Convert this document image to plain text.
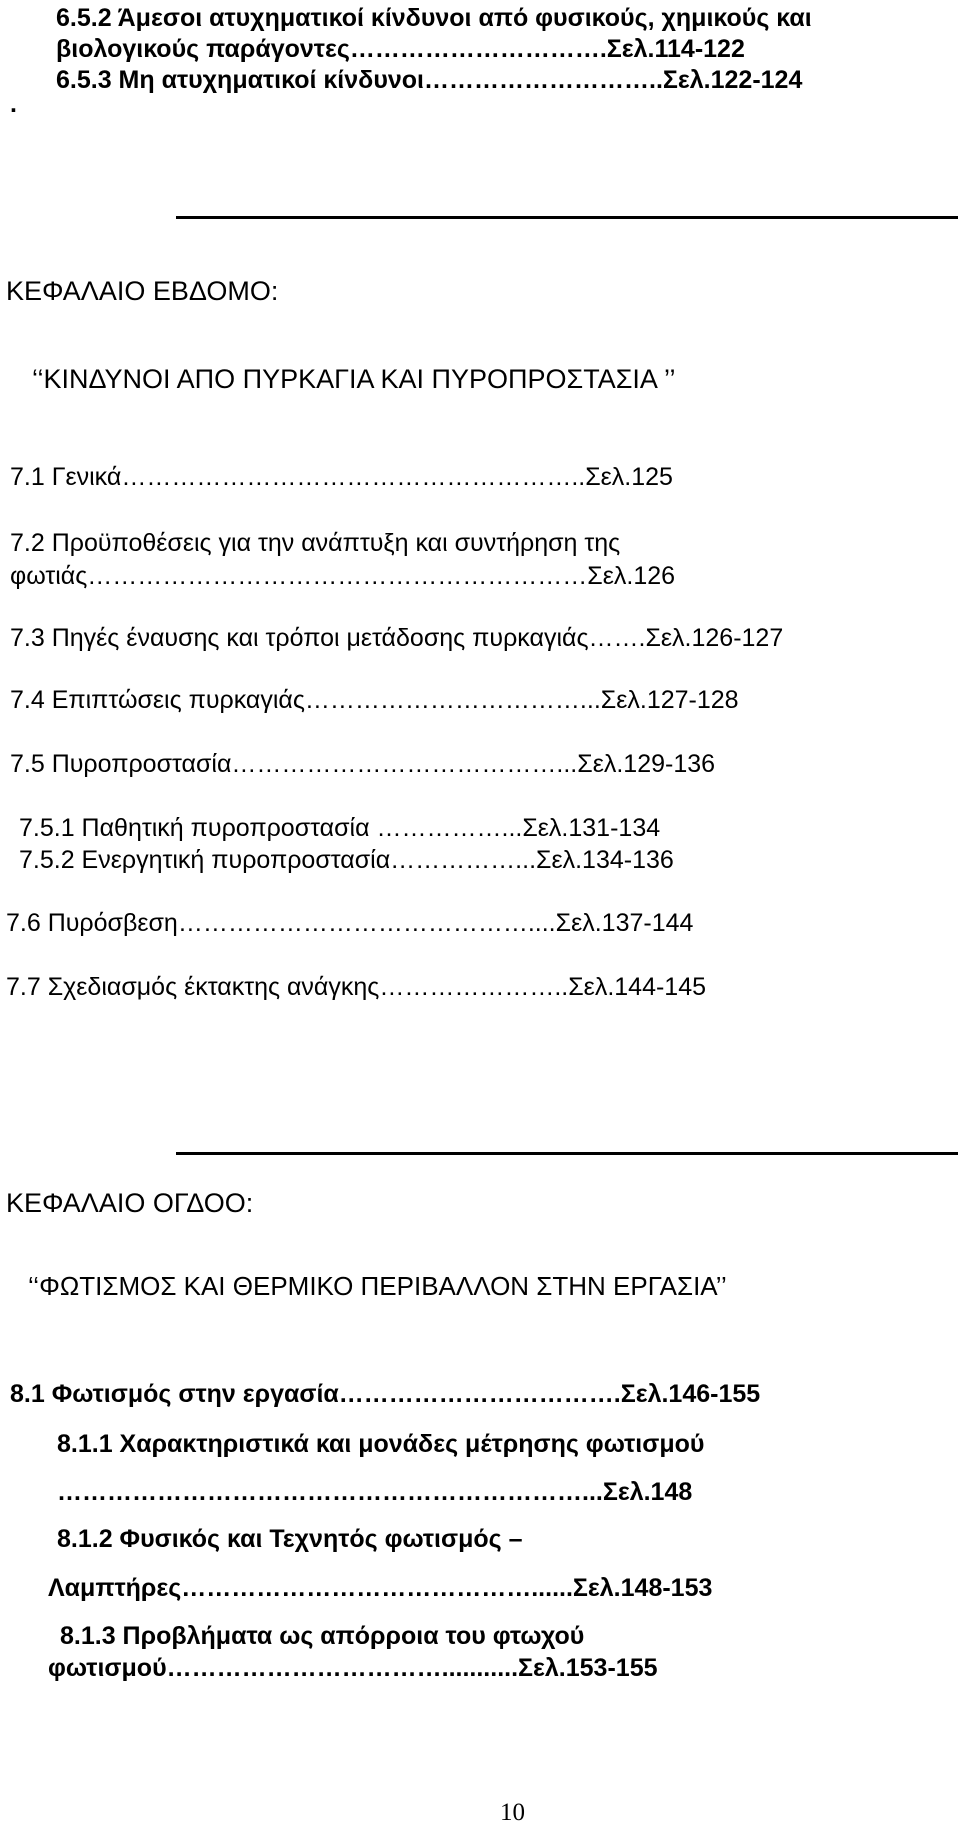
6.5.2 Άμεσοι ατυχηματικοί κίνδυνοι από φυσικούς, χημικούς και
βιολογικούς παράγοντες………………………….Σελ.114-122
6.5.3 Μη ατυχηματικοί κίνδυνοι………………………..Σελ.122-124
.
ΚΕΦΑΛΑΙΟ ΕΒΔΟΜΟ:
‘‘ΚΙΝΔΥΝΟΙ ΑΠΟ ΠΥΡΚΑΓΙΑ ΚΑΙ ΠΥΡΟΠΡΟΣΤΑΣΙΑ ’’
7.1 Γενικά………………………………………………..Σελ.125
7.2 Προϋποθέσεις για την ανάπτυξη και συντήρηση της
φωτιάς……………………………………………………Σελ.126
7.3 Πηγές έναυσης και τρόποι μετάδοσης πυρκαγιάς…….Σελ.126-127
7.4 Επιπτώσεις πυρκαγιάς……………………………...Σελ.127-128
7.5 Πυροπροστασία…………………………………...Σελ.129-136
7.5.1 Παθητική πυροπροστασία ……………...Σελ.131-134
7.5.2 Ενεργητική πυροπροστασία……………...Σελ.134-136
7.6 Πυρόσβεση……………………………………....Σελ.137-144
7.7 Σχεδιασμός έκτακτης ανάγκης…………………..Σελ.144-145
ΚΕΦΑΛΑΙΟ ΟΓΔΟΟ:
‘‘ΦΩΤΙΣΜΟΣ ΚΑΙ ΘΕΡΜΙΚΟ ΠΕΡΙΒΑΛΛΟΝ ΣΤΗΝ ΕΡΓΑΣΙΑ’’
8.1 Φωτισμός στην εργασία…………………………….Σελ.146-155
8.1.1 Χαρακτηριστικά και μονάδες μέτρησης φωτισμού
………………………………………………………...Σελ.148
8.1.2 Φυσικός και Τεχνητός φωτισμός –
Λαμπτήρες……………………………………......Σελ.148-153
8.1.3 Προβλήματα ως απόρροια του φτωχού
φωτισμού……………………………...........Σελ.153-155
10
